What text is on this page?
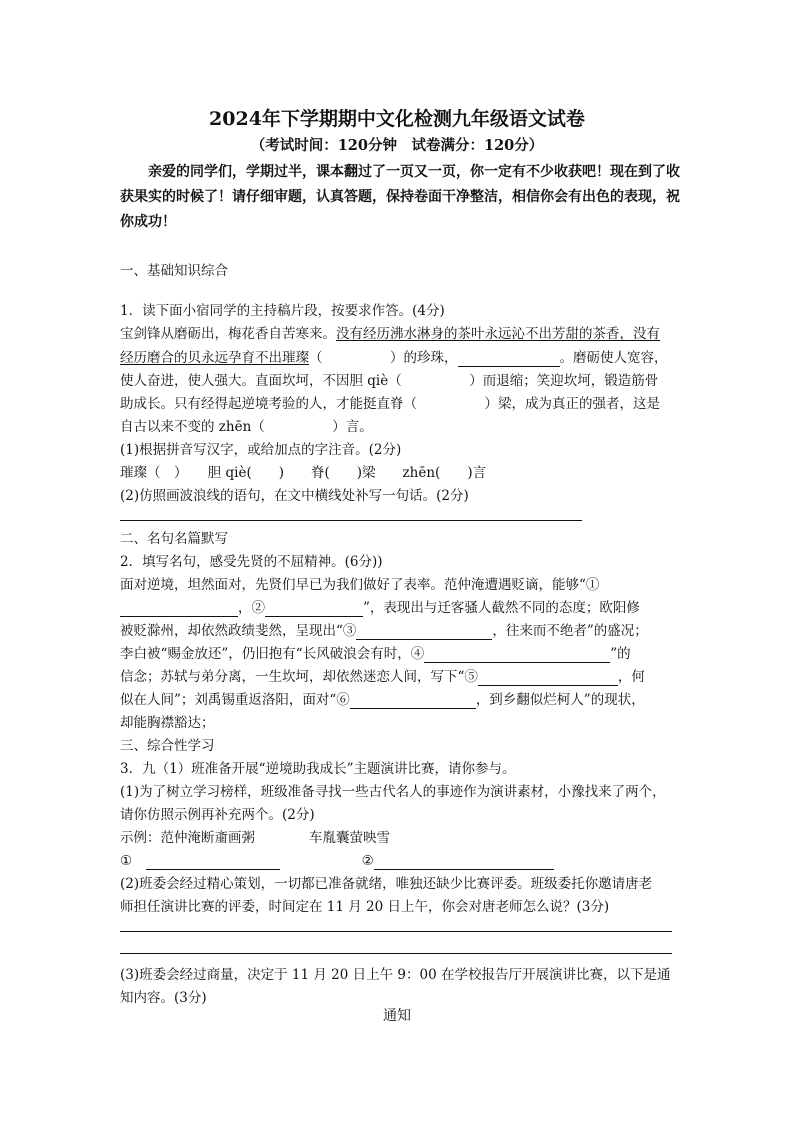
2024年下学期期中文化检测九年级语文试卷
（考试时间：120分钟　试卷满分：120分）
亲爱的同学们，学期过半，课本翻过了一页又一页，你一定有不少收获吧！现在到了收获果实的时候了！请仔细审题，认真答题，保持卷面干净整洁，相信你会有出色的表现，祝你成功！
一、基础知识综合
1．读下面小宿同学的主持稿片段，按要求作答。(4分)
宝剑锋从磨砺出，梅花香自苦寒来。没有经历沸水淋身的茶叶永远沁不出芳甜的茶香，没有
经历磨合的贝永远孕育不出璀璨（　　　　　）的珍珠，	。磨砺使人宽容，
使人奋进，使人强大。直面坎坷，不因胆 qiè（　　　　　）而退缩；笑迎坎坷，锻造筋骨
助成长。只有经得起逆境考验的人，才能挺直脊（　　　　　）梁，成为真正的强者，这是
自古以来不变的 zhēn（　　　　　）言。
(1)根据拼音写汉字，或给加点的字注音。(2分)
璀璨（　）　　胆 qiè(　　)　　脊(　　)梁　　zhēn(　　)言
(2)仿照画波浪线的语句，在文中横线处补写一句话。(2分)
二、名句名篇默写
2．填写名句，感受先贤的不屈精神。(6分))
面对逆境，坦然面对，先贤们早已为我们做好了表率。范仲淹遭遇贬谪，能够“①
，②	”，表现出与迁客骚人截然不同的态度；欧阳修
被贬滁州，却依然政绩斐然，呈现出“③	，往来而不绝者”的盛况；
李白被“赐金放还”，仍旧抱有“长风破浪会有时，④	”的
信念；苏轼与弟分离，一生坎坷，却依然迷恋人间，写下“⑤	，何
似在人间”；刘禹锡重返洛阳，面对“⑥	，到乡翻似烂柯人”的现状，
却能胸襟豁达；
三、综合性学习
3．九（1）班准备开展“逆境助我成长”主题演讲比赛，请你参与。
(1)为了树立学习榜样，班级准备寻找一些古代名人的事迹作为演讲素材，小豫找来了两个，
请你仿照示例再补充两个。(2分)
示例：范仲淹断齑画粥　　　　车胤囊萤映雪
①　	②
(2)班委会经过精心策划，一切都已准备就绪，唯独还缺少比赛评委。班级委托你邀请唐老
师担任演讲比赛的评委，时间定在 11 月 20 日上午，你会对唐老师怎么说？(3分)
(3)班委会经过商量，决定于 11 月 20 日上午 9：00 在学校报告厅开展演讲比赛，以下是通
知内容。(3分)
通知
